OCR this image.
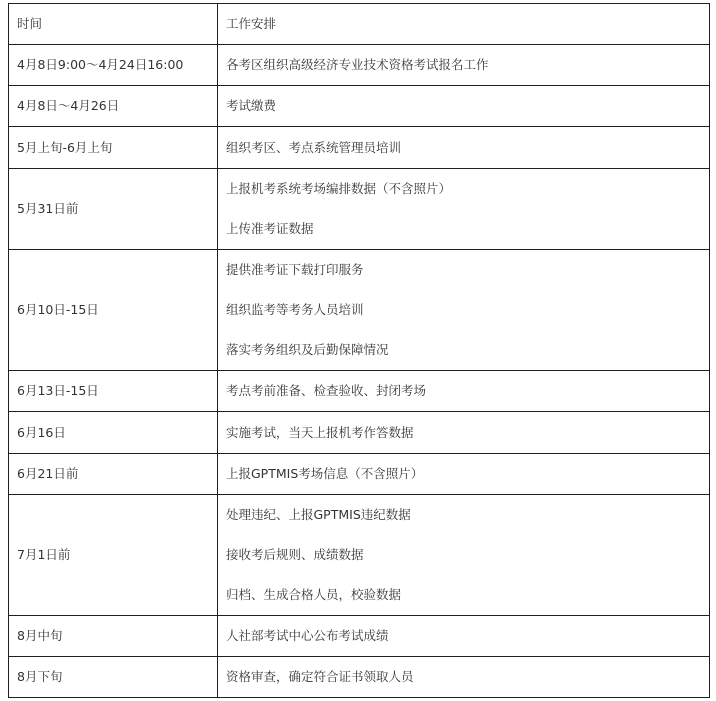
时间	工作安排
4月8日9:00～4月24日16:00	各考区组织高级经济专业技术资格考试报名工作

4月8日～4月26日	考试缴费

5月上旬-6月上旬	组织考区、考点系统管理员培训

5月31日前	上报机考系统考场编排数据（不含照片）
上传准考证数据

6月10日-15日	提供准考证下载打印服务
组织监考等考务人员培训
落实考务组织及后勤保障情况

6月13日-15日	考点考前准备、检查验收、封闭考场

6月16日	实施考试，当天上报机考作答数据

6月21日前	上报GPTMIS考场信息（不含照片）

7月1日前	处理违纪、上报GPTMIS违纪数据
接收考后规则、成绩数据
归档、生成合格人员，校验数据

8月中旬	人社部考试中心公布考试成绩

8月下旬	资格审查，确定符合证书领取人员
